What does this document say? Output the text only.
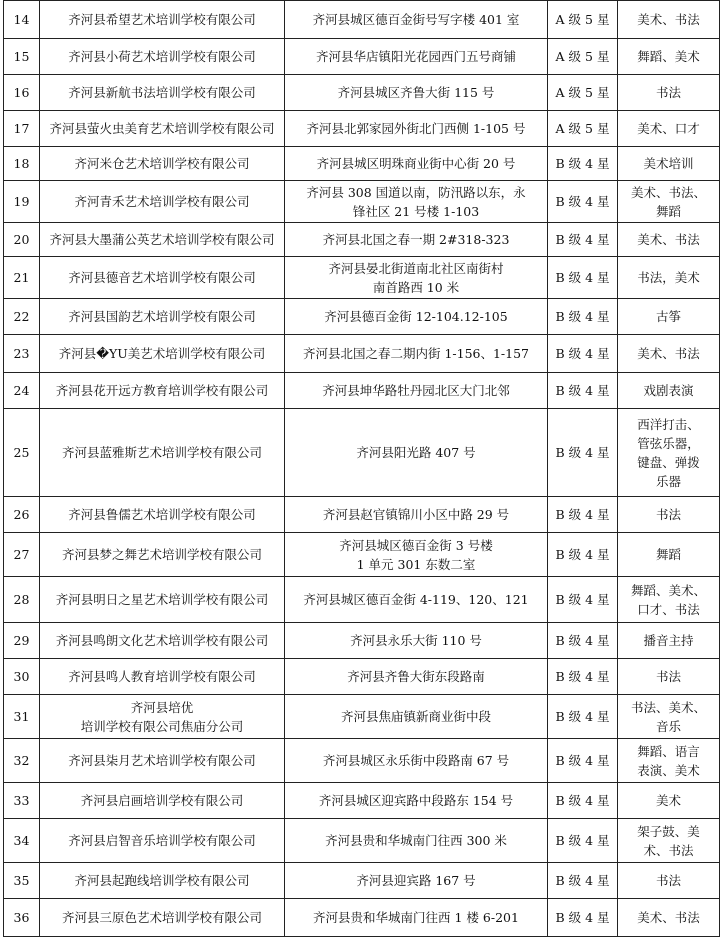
14	齐河县希望艺术培训学校有限公司	齐河县城区德百金街号写字楼 401 室	A 级 5 星	美术、书法
15	齐河县小荷艺术培训学校有限公司	齐河县华店镇阳光花园西门五号商铺	A 级 5 星	舞蹈、美术
16	齐河县新航书法培训学校有限公司	齐河县城区齐鲁大街 115 号	A 级 5 星	书法
17	齐河县萤火虫美育艺术培训学校有限公司	齐河县北郭家园外街北门西侧 1-105 号	A 级 5 星	美术、口才
18	齐河米仓艺术培训学校有限公司	齐河县城区明珠商业街中心街 20 号	B 级 4 星	美术培训
19	齐河青禾艺术培训学校有限公司	齐河县 308 国道以南，防汛路以东，永
锋社区 21 号楼 1-103	B 级 4 星	美术、书法、
舞蹈
20	齐河县大墨蒲公英艺术培训学校有限公司	齐河县北国之春一期 2#318-323	B 级 4 星	美术、书法
21	齐河县德音艺术培训学校有限公司	齐河县晏北街道南北社区南街村
南首路西 10 米	B 级 4 星	书法，美术
22	齐河县国韵艺术培训学校有限公司	齐河县德百金街 12-104.12-105	B 级 4 星	古筝
23	齐河县�YU美艺术培训学校有限公司	齐河县北国之春二期内街 1-156、1-157	B 级 4 星	美术、书法
24	齐河县花开远方教育培训学校有限公司	齐河县坤华路牡丹园北区大门北邻	B 级 4 星	戏剧表演
25	齐河县蓝雅斯艺术培训学校有限公司	齐河县阳光路 407 号	B 级 4 星	西洋打击、
管弦乐器，
键盘、弹拨
乐器
26	齐河县鲁儒艺术培训学校有限公司	齐河县赵官镇锦川小区中路 29 号	B 级 4 星	书法
27	齐河县梦之舞艺术培训学校有限公司	齐河县城区德百金街 3 号楼
1 单元 301 东数二室	B 级 4 星	舞蹈
28	齐河县明日之星艺术培训学校有限公司	齐河县城区德百金街 4-119、120、121	B 级 4 星	舞蹈、美术、
口才、书法
29	齐河县鸣朗文化艺术培训学校有限公司	齐河县永乐大街 110 号	B 级 4 星	播音主持
30	齐河县鸣人教育培训学校有限公司	齐河县齐鲁大街东段路南	B 级 4 星	书法
31	齐河县培优
培训学校有限公司焦庙分公司	齐河县焦庙镇新商业街中段	B 级 4 星	书法、美术、
音乐
32	齐河县柒月艺术培训学校有限公司	齐河县城区永乐街中段路南 67 号	B 级 4 星	舞蹈、语言
表演、美术
33	齐河县启画培训学校有限公司	齐河县城区迎宾路中段路东 154 号	B 级 4 星	美术
34	齐河县启智音乐培训学校有限公司	齐河县贵和华城南门往西 300 米	B 级 4 星	架子鼓、美
术、书法
35	齐河县起跑线培训学校有限公司	齐河县迎宾路 167 号	B 级 4 星	书法
36	齐河县三原色艺术培训学校有限公司	齐河县贵和华城南门往西 1 楼 6-201	B 级 4 星	美术、书法
